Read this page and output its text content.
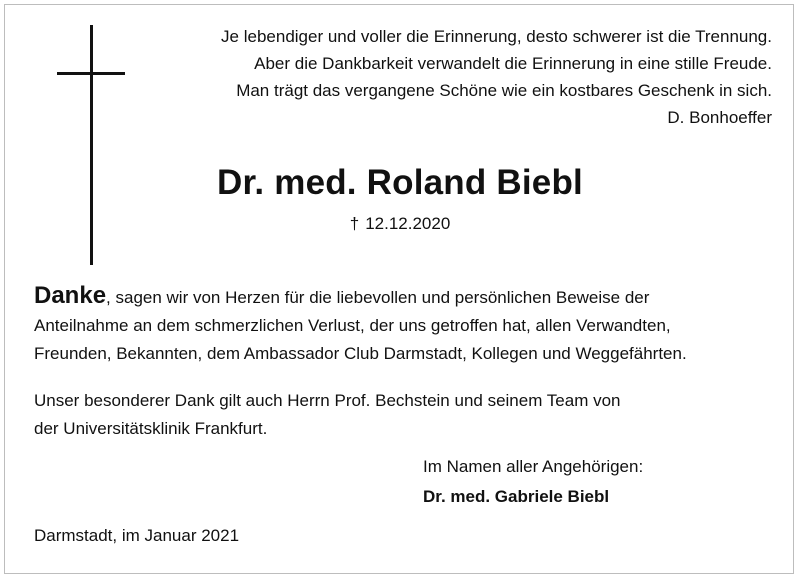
Je lebendiger und voller die Erinnerung, desto schwerer ist die Trennung.
Aber die Dankbarkeit verwandelt die Erinnerung in eine stille Freude.
Man trägt das vergangene Schöne wie ein kostbares Geschenk in sich.
D. Bonhoeffer
Dr. med. Roland Biebl
† 12.12.2020
Danke, sagen wir von Herzen für die liebevollen und persönlichen Beweise der
Anteilnahme an dem schmerzlichen Verlust, der uns getroffen hat, allen Verwandten,
Freunden, Bekannten, dem Ambassador Club Darmstadt, Kollegen und Weggefährten.
Unser besonderer Dank gilt auch Herrn Prof. Bechstein und seinem Team von
der Universitätsklinik Frankfurt.
Im Namen aller Angehörigen:
Dr. med. Gabriele Biebl
Darmstadt, im Januar 2021
